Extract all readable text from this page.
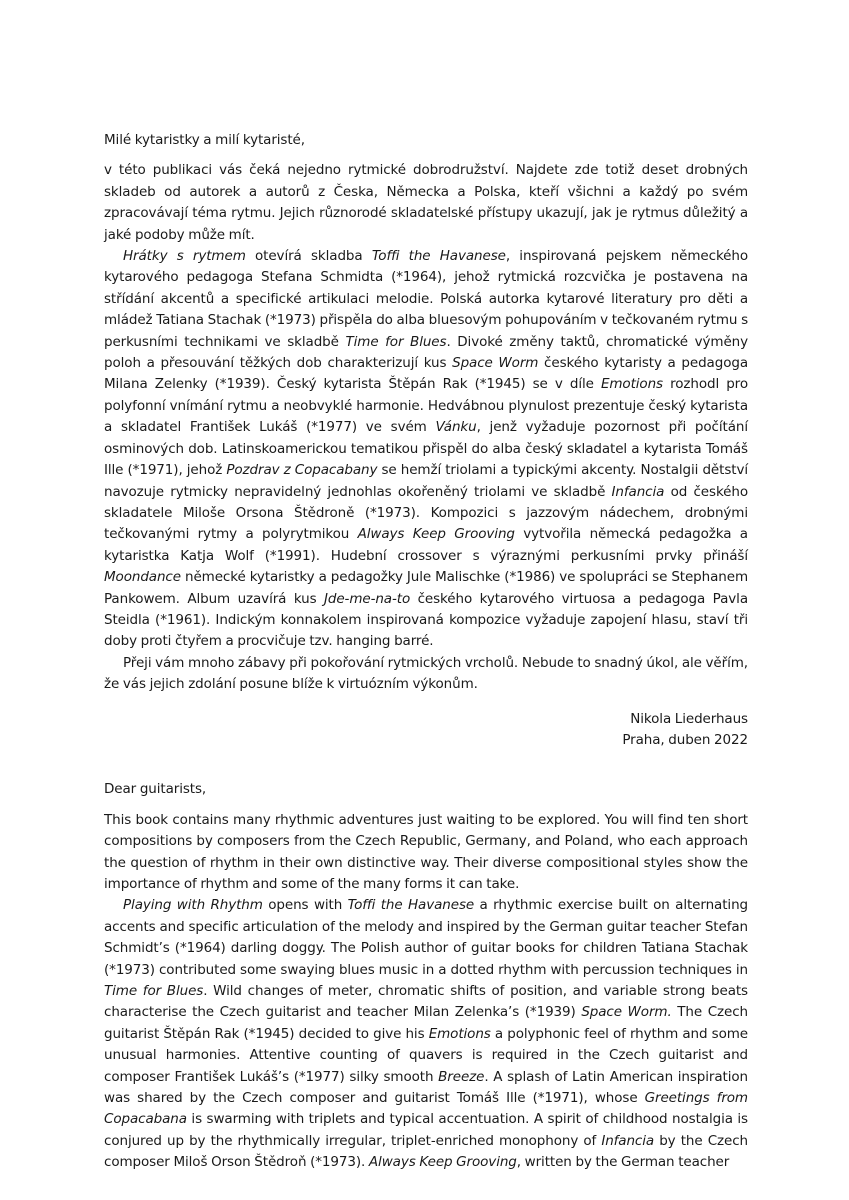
Milé kytaristky a milí kytaristé,

v této publikaci vás čeká nejedno rytmické dobrodružství. Najdete zde totiž deset drobných skladeb od autorek a autorů z Česka, Německa a Polska, kteří všichni a každý po svém zpracovávají téma rytmu. Jejich různorodé skladatelské přístupy ukazují, jak je rytmus důležitý a jaké podoby může mít.

Hrátky s rytmem otevírá skladba Toffi the Havanese, inspirovaná pejskem německého kytarového pedagoga Stefana Schmidta (*1964), jehož rytmická rozcvička je postavena na střídání akcentů a specifické artikulaci melodie. Polská autorka kytarové literatury pro děti a mládež Tatiana Stachak (*1973) přispěla do alba bluesovým pohupováním v tečkovaném rytmu s perkusními technikami ve skladbě Time for Blues. Divoké změny taktů, chromatické výměny poloh a přesouvání těžkých dob charakterizují kus Space Worm českého kytaristy a pedagoga Milana Zelenky (*1939). Český kytarista Štěpán Rak (*1945) se v díle Emotions rozhodl pro polyfonní vnímání rytmu a neobvyklé harmonie. Hedvábnou plynulost prezentuje český kytarista a skladatel František Lukáš (*1977) ve svém Vánku, jenž vyžaduje pozornost při počítání osminových dob. Latinskoamerickou tematikou přispěl do alba český skladatel a kytarista Tomáš Ille (*1971), jehož Pozdrav z Copacabany se hemží triolami a typickými akcenty. Nostalgii dětství navozuje rytmicky nepravidelný jednohlas okořeněný triolami ve skladbě Infancia od českého skladatele Miloše Orsona Štědroně (*1973). Kompozici s jazzovým nádechem, drobnými tečkovanými rytmy a polyrytmikou Always Keep Grooving vytvořila německá pedagožka a kytaristka Katja Wolf (*1991). Hudební crossover s výraznými perkusními prvky přináší Moondance německé kytaristky a pedagožky Jule Malischke (*1986) ve spolupráci se Stephanem Pankowem. Album uzavírá kus Jde-me-na-to českého kytarového virtuosa a pedagoga Pavla Steidla (*1961). Indickým konnakolem inspirovaná kompozice vyžaduje zapojení hlasu, staví tři doby proti čtyřem a procvičuje tzv. hanging barré.

Přeji vám mnoho zábavy při pokořování rytmických vrcholů. Nebude to snadný úkol, ale věřím, že vás jejich zdolání posune blíže k virtuózním výkonům.

Nikola Liederhaus
Praha, duben 2022

Dear guitarists,

This book contains many rhythmic adventures just waiting to be explored. You will find ten short compositions by composers from the Czech Republic, Germany, and Poland, who each approach the question of rhythm in their own distinctive way. Their diverse compositional styles show the importance of rhythm and some of the many forms it can take.

Playing with Rhythm opens with Toffi the Havanese a rhythmic exercise built on alternating accents and specific articulation of the melody and inspired by the German guitar teacher Stefan Schmidt’s (*1964) darling doggy. The Polish author of guitar books for children Tatiana Stachak (*1973) contributed some swaying blues music in a dotted rhythm with percussion techniques in Time for Blues. Wild changes of meter, chromatic shifts of position, and variable strong beats characterise the Czech guitarist and teacher Milan Zelenka’s (*1939) Space Worm. The Czech guitarist Štěpán Rak (*1945) decided to give his Emotions a polyphonic feel of rhythm and some unusual harmonies. Attentive counting of quavers is required in the Czech guitarist and composer František Lukáš’s (*1977) silky smooth Breeze. A splash of Latin American inspiration was shared by the Czech composer and guitarist Tomáš Ille (*1971), whose Greetings from Copacabana is swarming with triplets and typical accentuation. A spirit of childhood nostalgia is conjured up by the rhythmically irregular, triplet-enriched monophony of Infancia by the Czech composer Miloš Orson Štědroň (*1973). Always Keep Grooving, written by the German teacher
